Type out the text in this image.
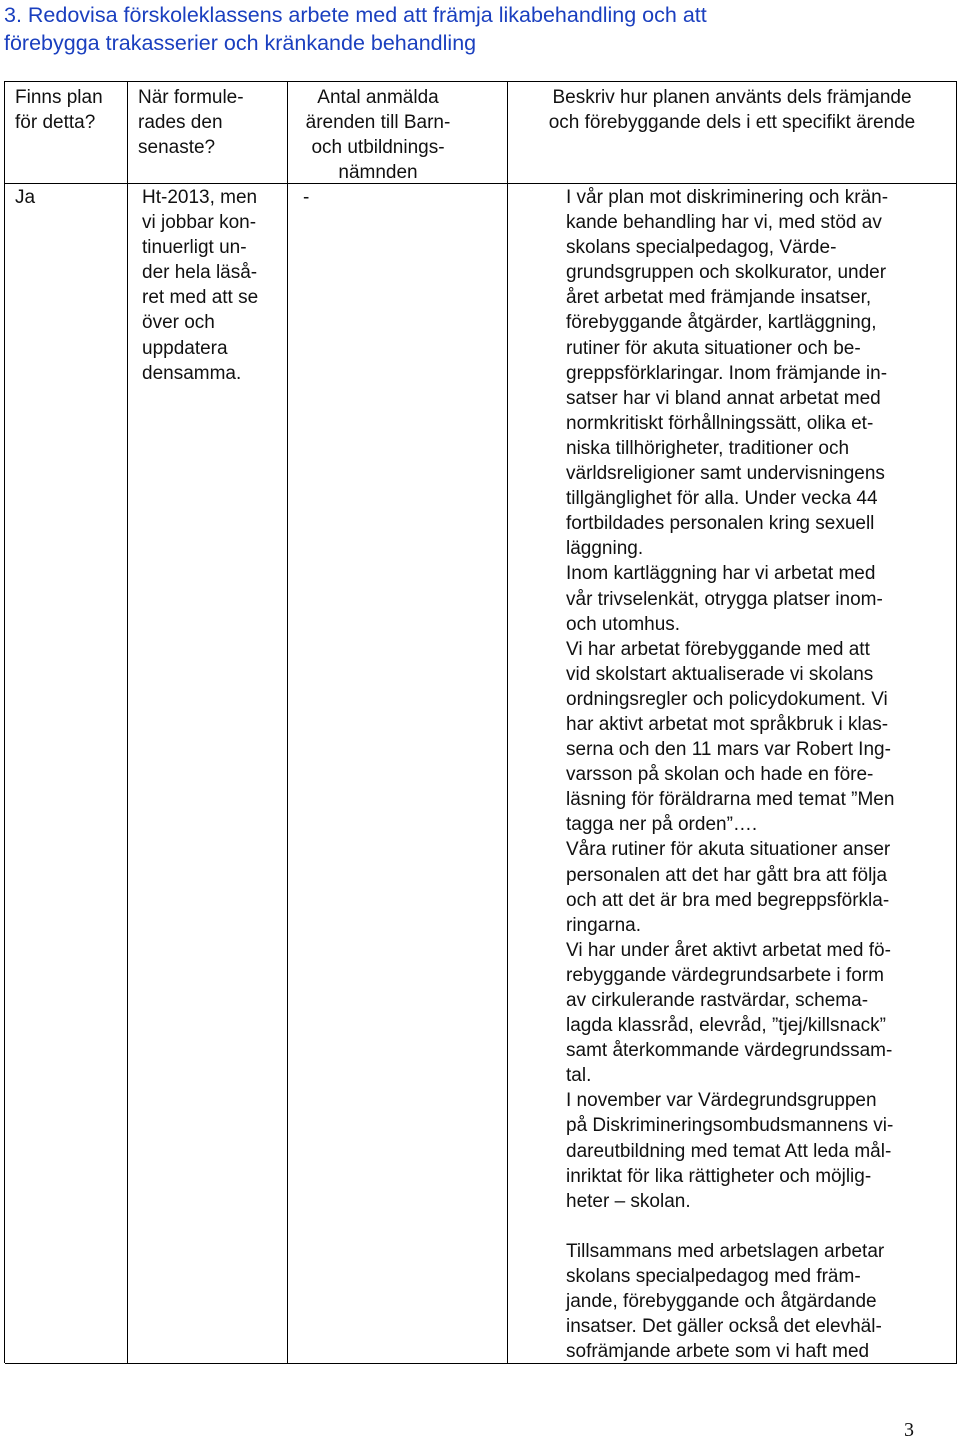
3. Redovisa förskoleklassens arbete med att främja likabehandling och att
förebygga trakasserier och kränkande behandling
Finns plan
för detta?
När formule-
rades den
senaste?
Antal anmälda
ärenden till Barn-
och utbildnings-
nämnden
Beskriv hur planen använts dels främjande
och förebyggande dels i ett specifikt ärende
Ja	Ht-2013, men
vi jobbar kon-
tinuerligt un-
der hela läså-
ret med att se
över och
uppdatera
densamma.
-	I vår plan mot diskriminering och krän-
kande behandling har vi, med stöd av
skolans specialpedagog, Värde-
grundsgruppen och skolkurator, under
året arbetat med främjande insatser,
förebyggande åtgärder, kartläggning,
rutiner för akuta situationer och be-
greppsförklaringar. Inom främjande in-
satser har vi bland annat arbetat med
normkritiskt förhållningssätt, olika et-
niska tillhörigheter, traditioner och
världsreligioner samt undervisningens
tillgänglighet för alla. Under vecka 44
fortbildades personalen kring sexuell
läggning.
Inom kartläggning har vi arbetat med
vår trivselenkät, otrygga platser inom-
och utomhus.
Vi har arbetat förebyggande med att
vid skolstart aktualiserade vi skolans
ordningsregler och policydokument. Vi
har aktivt arbetat mot språkbruk i klas-
serna och den 11 mars var Robert Ing-
varsson på skolan och hade en före-
läsning för föräldrarna med temat ”Men
tagga ner på orden”….
Våra rutiner för akuta situationer anser
personalen att det har gått bra att följa
och att det är bra med begreppsförkla-
ringarna.
Vi har under året aktivt arbetat med fö-
rebyggande värdegrundsarbete i form
av cirkulerande rastvärdar, schema-
lagda klassråd, elevråd, ”tjej/killsnack”
samt återkommande värdegrundssam-
tal.
I november var Värdegrundsgruppen
på Diskrimineringsombudsmannens vi-
dareutbildning med temat Att leda mål-
inriktat för lika rättigheter och möjlig-
heter – skolan.
Tillsammans med arbetslagen arbetar
skolans specialpedagog med främ-
jande, förebyggande och åtgärdande
insatser. Det gäller också det elevhäl-
sofrämjande arbete som vi haft med
3
